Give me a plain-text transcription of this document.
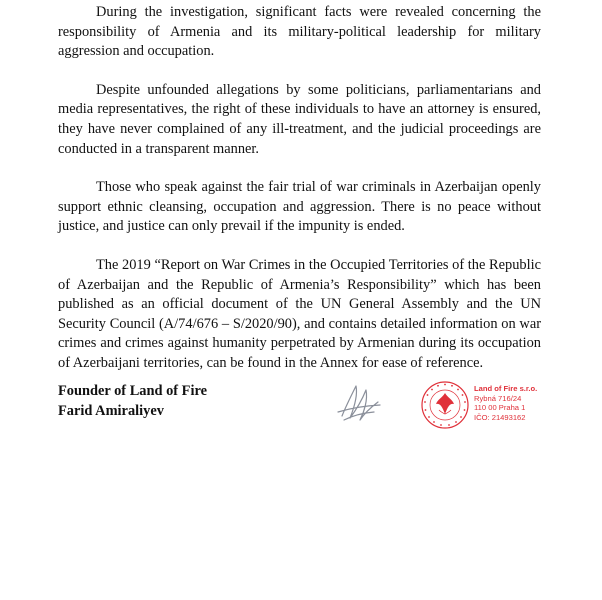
During the investigation, significant facts were revealed concerning the responsibility of Armenia and its military-political leadership for military aggression and occupation.

Despite unfounded allegations by some politicians, parliamentarians and media representatives, the right of these individuals to have an attorney is ensured, they have never complained of any ill-treatment, and the judicial proceedings are conducted in a transparent manner.

Those who speak against the fair trial of war criminals in Azerbaijan openly support ethnic cleansing, occupation and aggression. There is no peace without justice, and justice can only prevail if the impunity is ended.

The 2019 “Report on War Crimes in the Occupied Territories of the Republic of Azerbaijan and the Republic of Armenia’s Responsibility” which has been published as an official document of the UN General Assembly and the UN Security Council (A/74/676 – S/2020/90), and contains detailed information on war crimes and crimes against humanity perpetrated by Armenian during its occupation of Azerbaijani territories, can be found in the Annex for ease of reference.

Founder of Land of Fire
Farid Amiraliyev
Land of Fire s.r.o.
Rybná 716/24
110 00 Praha 1
IČO: 21493162
